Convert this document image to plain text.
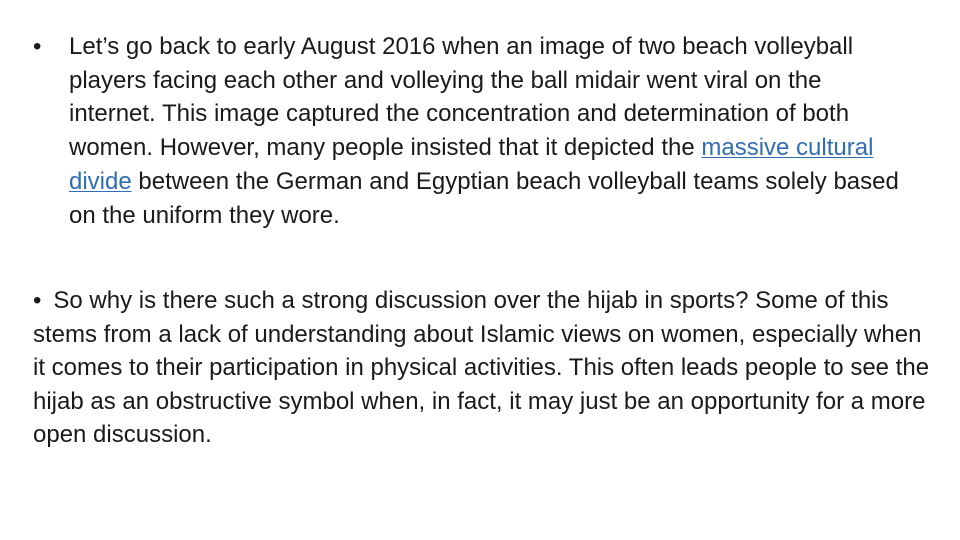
• Let’s go back to early August 2016 when an image of two beach volleyball players facing each other and volleying the ball midair went viral on the internet. This image captured the concentration and determination of both women. However, many people insisted that it depicted the massive cultural divide between the German and Egyptian beach volleyball teams solely based on the uniform they wore.
• So why is there such a strong discussion over the hijab in sports? Some of this stems from a lack of understanding about Islamic views on women, especially when it comes to their participation in physical activities. This often leads people to see the hijab as an obstructive symbol when, in fact, it may just be an opportunity for a more open discussion.
